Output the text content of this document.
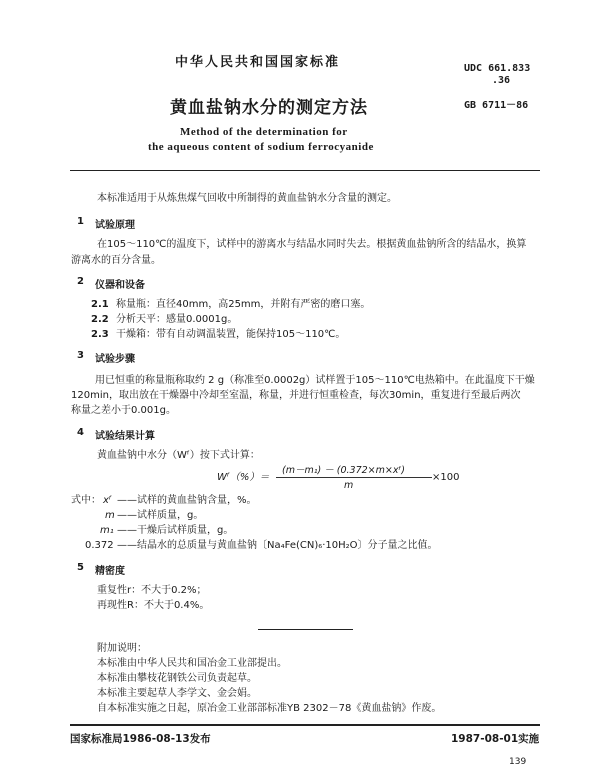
中华人民共和国国家标准	UDC 661.833
.36
GB 6711－86
黄血盐钠水分的测定方法
Method of the determination for
the aqueous content of sodium ferrocyanide
本标准适用于从炼焦煤气回收中所制得的黄血盐钠水分含量的测定。
1 试验原理
在105～110℃的温度下，试样中的游离水与结晶水同时失去。根据黄血盐钠所含的结晶水，换算
游离水的百分含量。
2 仪器和设备
2.1 称量瓶：直径40mm，高25mm，并附有严密的磨口塞。
2.2 分析天平：感量0.0001g。
2.3 干燥箱：带有自动调温装置，能保持105～110℃。
3 试验步骤
用已恒重的称量瓶称取约 2 g（称准至0.0002g）试样置于105～110℃电热箱中。在此温度下干燥
120min，取出放在干燥器中冷却至室温，称量，并进行恒重检查，每次30min，重复进行至最后两次
称量之差小于0.001g。
4 试验结果计算
黄血盐钠中水分（Wᶠ）按下式计算：
Wᶠ（%）＝
(m－m₁) － (0.372×m×xᶠ)
m
×100
式中： xᶠ ——试样的黄血盐钠含量，%。
m ——试样质量，g。
m₁ ——干燥后试样质量，g。
0.372 ——结晶水的总质量与黄血盐钠〔Na₄Fe(CN)₆·10H₂O〕分子量之比值。
5 精密度
重复性r：不大于0.2%；
再现性R：不大于0.4%。
附加说明：
本标准由中华人民共和国冶金工业部提出。
本标准由攀枝花钢铁公司负责起草。
本标准主要起草人李学文、金会娟。
自本标准实施之日起，原冶金工业部部标准YB 2302－78《黄血盐钠》作废。
国家标准局1986-08-13发布	1987-08-01实施
139
